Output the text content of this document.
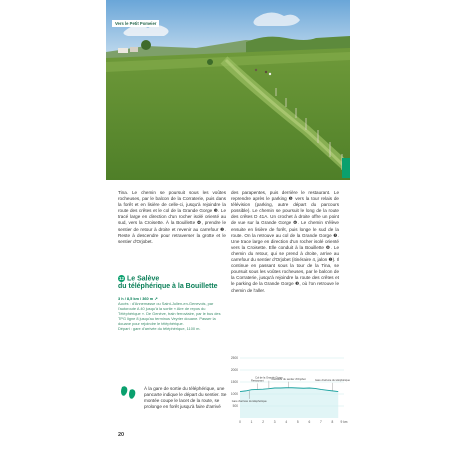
Vers le Petit Pomeier
Tina. Le chemin se poursuit sous les voûtes rocheuses, par le balcon de la Corraterie, puis dans la forêt et en lisière de celle-ci, jusqu'à rejoindre la route des crêtes et le col de la Grande Gorge ❸. Le tracé large en direction d'un rocher isolé orienté au sud, vers la Croisette. À la Bouillette ❹, prendre le sentier de retour à droite et revenir au carrefour ❷. Reste à descendre pour retraverser la grotte et le sentier d'Orjobet.
des parapentes, puis derrière le restaurant. Le reprendre après le parking ❺ vers la tour relais de télévision (parking, autre départ du parcours possible). Le chemin se poursuit le long de la route des crêtes D 41A. Un crochet à droite offre un point de vue sur la Grande Gorge ❻. Le chemin s'élève ensuite en lisière de forêt, puis longe le sud de la route. On la retrouve au col de la Grande Gorge ❼. Une trace large en direction d'un rocher isolé orienté vers la Croisette. Elle conduit à la Bouillette ❽. Le chemin du retour, qui se prend à droite, arrive au carrefour du sentier d'Orjobet (itinéraire 4, jalon ❷). Il continue en passant sous la tour de la Tina, se poursuit sous les voûtes rocheuses, par le balcon de la Corraterie, jusqu'à rejoindre la route des crêtes et le parking de la Grande Gorge ❸, où l'on retrouve le chemin de l'aller.
12 Le Salève
du téléphérique à la Bouillette
3 h / 8,5 km / 360 m ↗
Accès : d'Annemasse ou Saint-Julien-en-Genevois, par l'autoroute A 40 jusqu'à la sortie « Aire de repos du Téléphérique ». De Genève, train ferroviaire, par le bus des TPG ligne 8 jusqu'au terminus Veyrier douane. Passer la douane pour rejoindre le téléphérique.
Départ : gare d'arrivée du téléphérique, 1100 m.
À la gare de sortie du téléphérique, une pancarte indique le départ du sentier. Se montée coupe le lacet de la route, se prolonge en forêt jusqu'à faire d'arrivé
2500
2000
1500
1000
500
0	1	2	3	4	5	6	7	8 9 km
Restaurant
Col de la Grande Gorge
Carrefour du sentier d'Orjobet	Gare d'arrivée du téléphérique
Gare d'arrivée du téléphérique
20
